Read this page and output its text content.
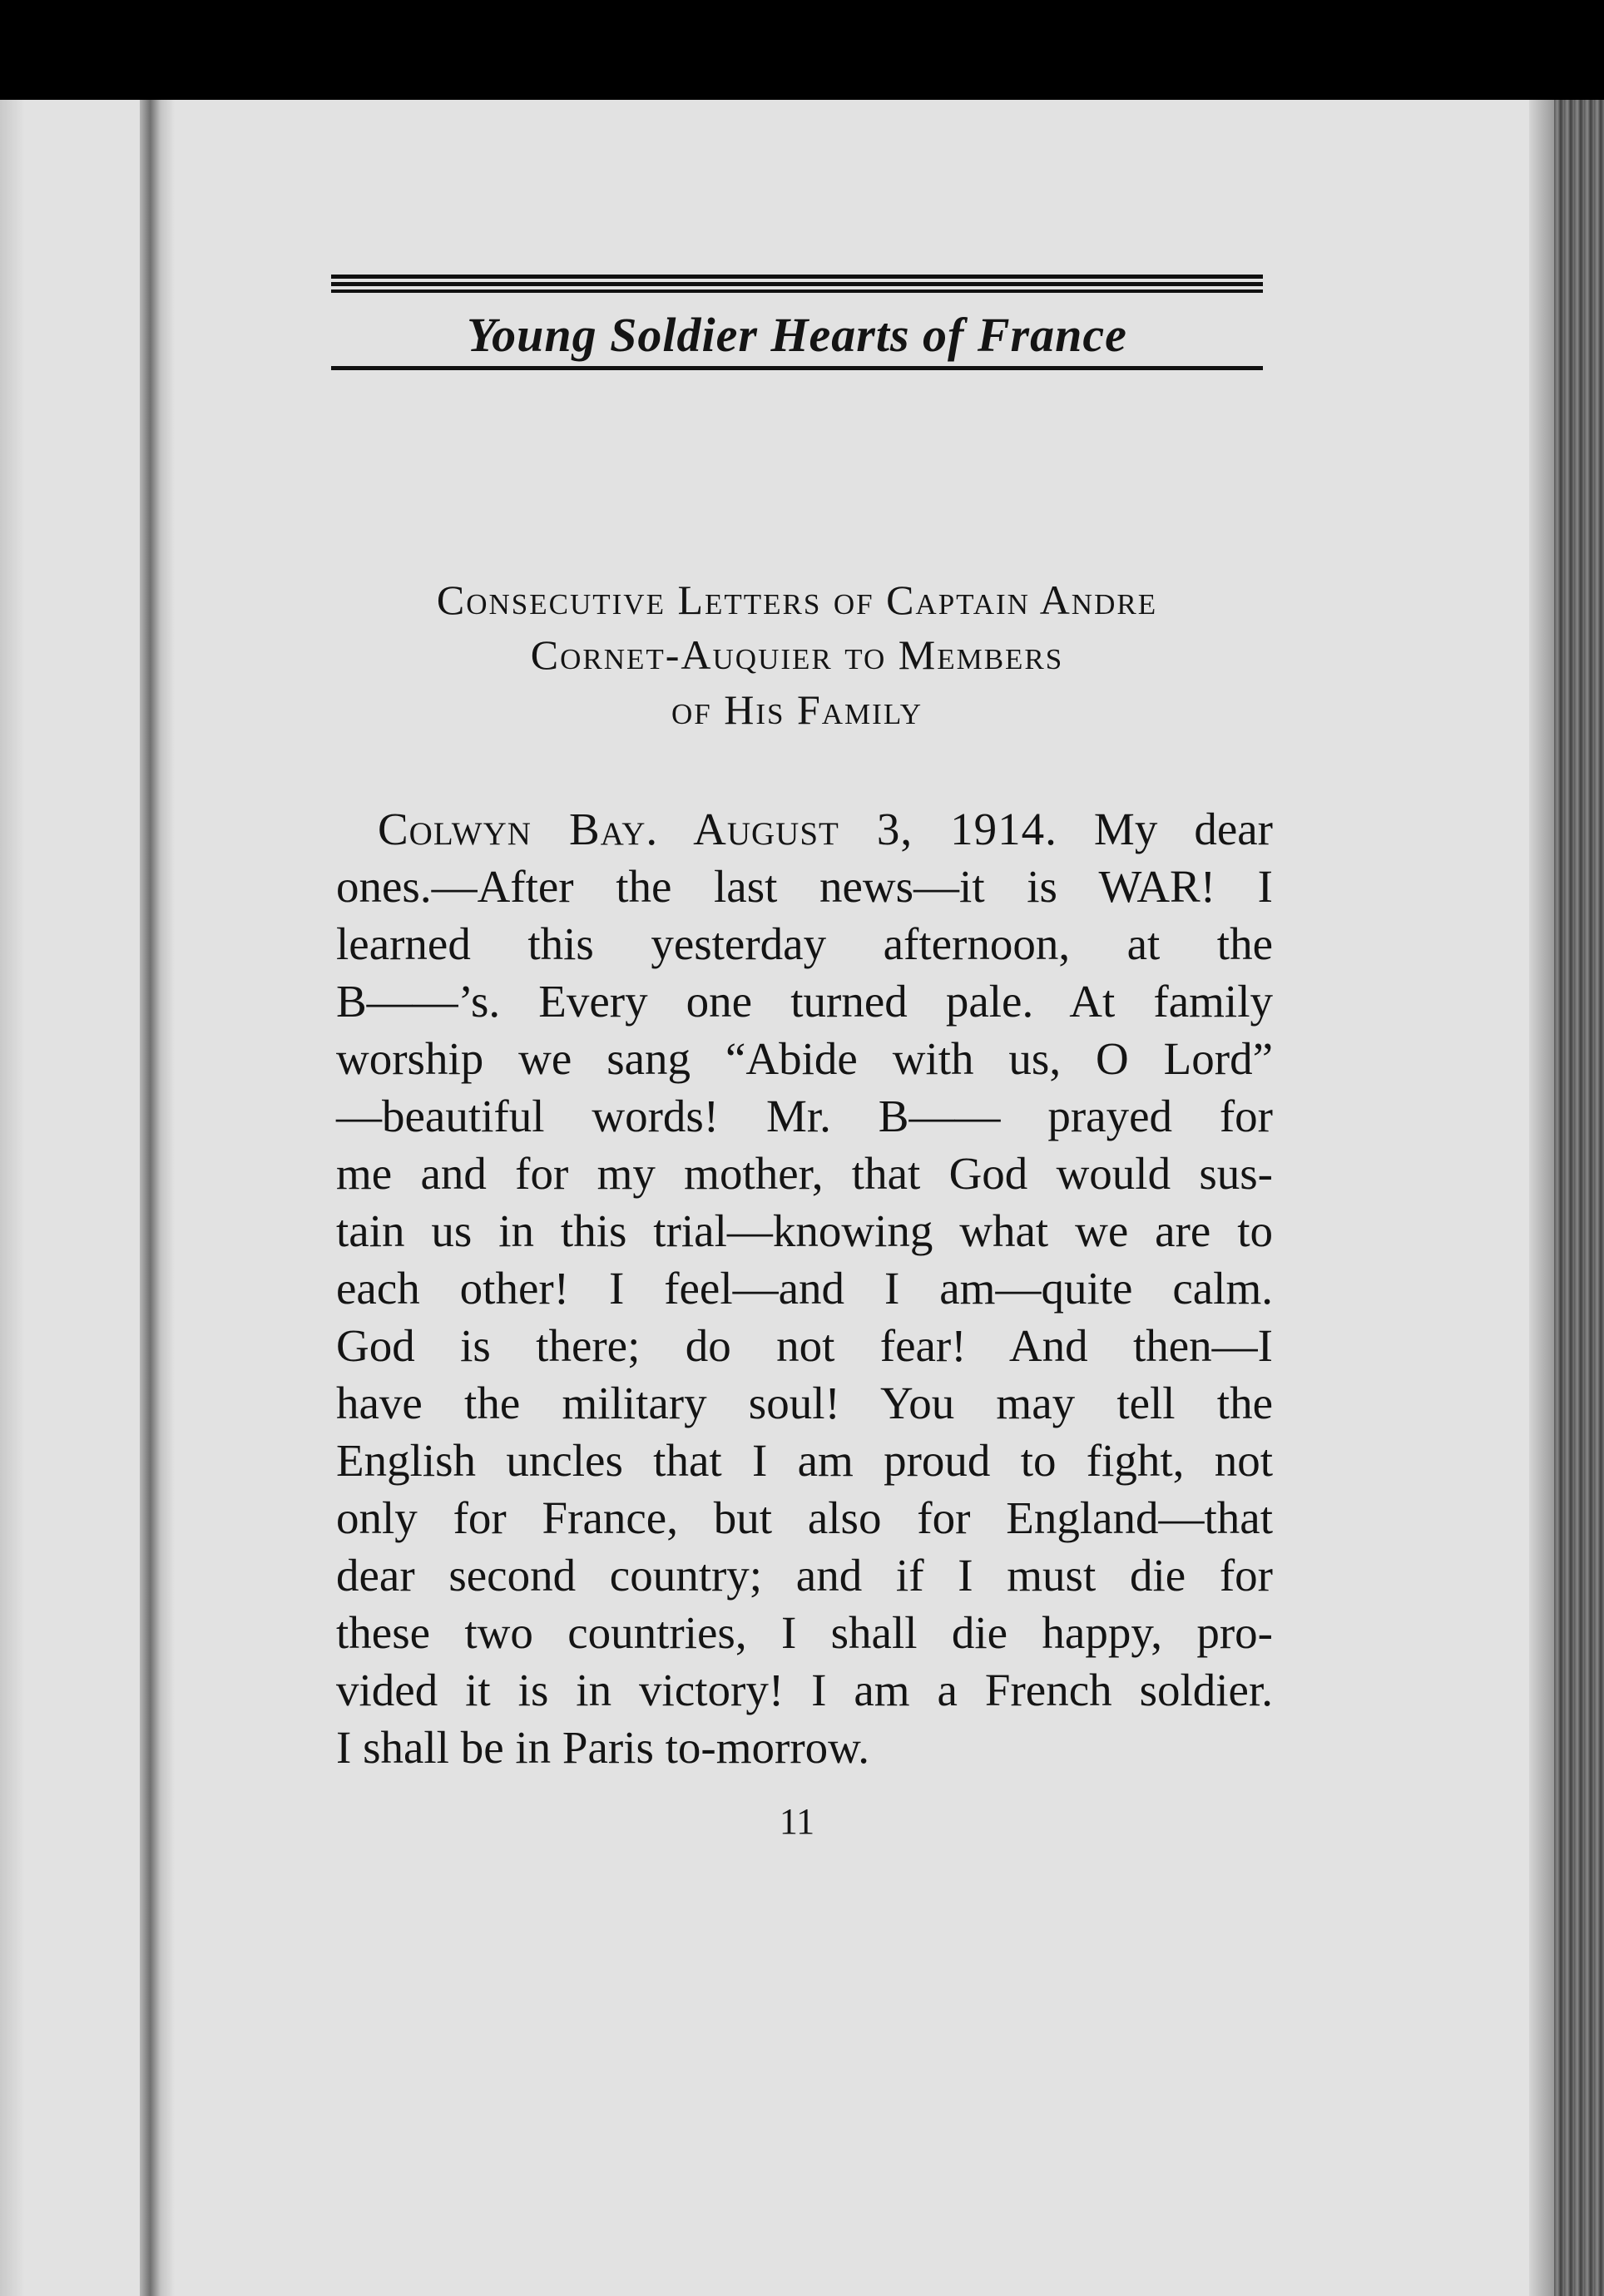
Young Soldier Hearts of France
Consecutive Letters of Captain Andre
Cornet-Auquier to Members
of His Family
Colwyn Bay. August 3, 1914. My dear
ones.—After the last news—it is WAR! I
learned this yesterday afternoon, at the
B——’s. Every one turned pale. At family
worship we sang “Abide with us, O Lord”
—beautiful words! Mr. B—— prayed for
me and for my mother, that God would sus-
tain us in this trial—knowing what we are to
each other! I feel—and I am—quite calm.
God is there; do not fear! And then—I
have the military soul! You may tell the
English uncles that I am proud to fight, not
only for France, but also for England—that
dear second country; and if I must die for
these two countries, I shall die happy, pro-
vided it is in victory! I am a French soldier.
I shall be in Paris to-morrow.
11
